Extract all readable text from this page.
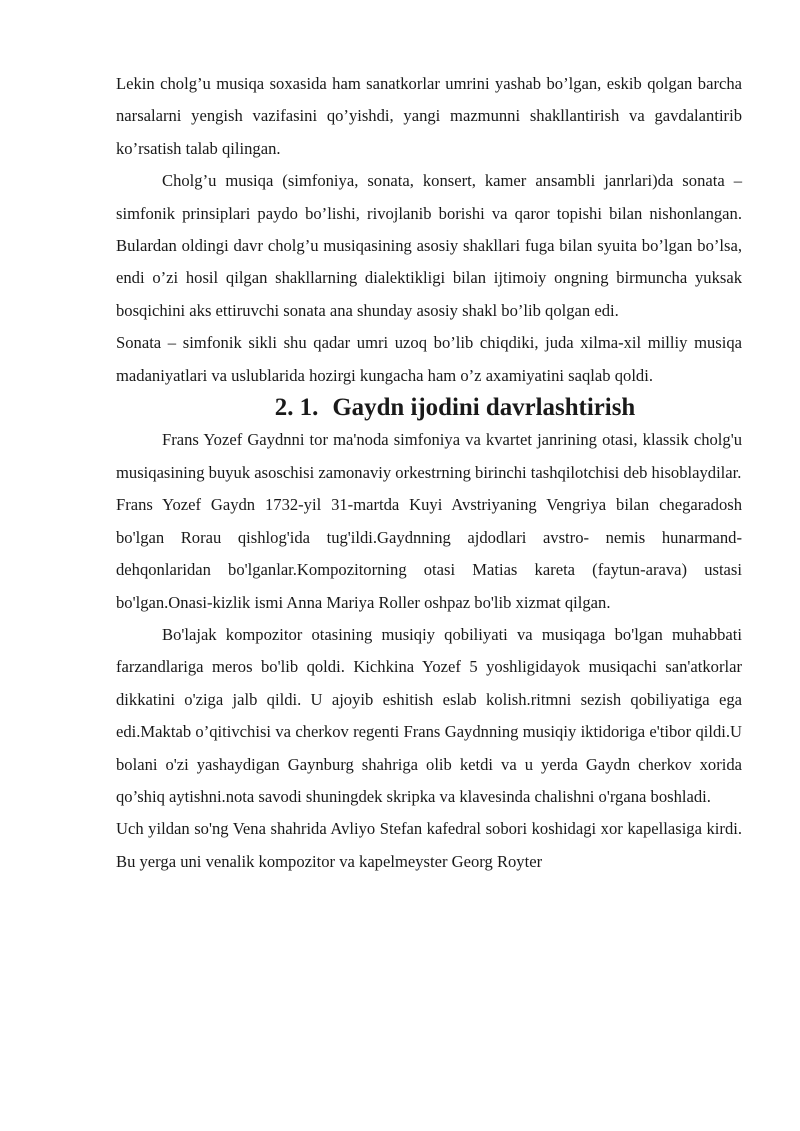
Lekin cholg’u musiqa soxasida ham sanatkorlar umrini yashab bo’lgan, eskib qolgan barcha narsalarni yengish vazifasini qo’yishdi, yangi mazmunni shakllantirish va gavdalantirib ko’rsatish talab qilingan.

Cholg’u musiqa (simfoniya, sonata, konsert, kamer ansambli janrlari)da sonata – simfonik prinsiplari paydo bo’lishi, rivojlanib borishi va qaror topishi bilan nishonlangan. Bulardan oldingi davr cholg’u musiqasining asosiy shakllari fuga bilan syuita bo’lgan bo’lsa, endi o’zi hosil qilgan shakllarning dialektikligi bilan ijtimoiy ongning birmuncha yuksak bosqichini aks ettiruvchi sonata ana shunday asosiy shakl bo’lib qolgan edi.

Sonata – simfonik sikli shu qadar umri uzoq bo’lib chiqdiki, juda xilma-xil milliy musiqa madaniyatlari va uslublarida hozirgi kungacha ham o’z axamiyatini saqlab qoldi.

2. 1. Gaydn ijodini davrlashtirish

Frans Yozef Gaydnni tor ma'noda simfoniya va kvartet janrining otasi, klassik cholg'u musiqasining buyuk asoschisi zamonaviy orkestrning birinchi tashqilotchisi deb hisoblaydilar.

Frans Yozef Gaydn 1732-yil 31-martda Kuyi Avstriyaning Vengriya bilan chegaradosh bo'lgan Rorau qishlog'ida tug'ildi.Gaydnning ajdodlari avstro- nemis hunarmand-dehqonlaridan bo'lganlar.Kompozitorning otasi Matias kareta (faytun-arava) ustasi bo'lgan.Onasi-kizlik ismi Anna Mariya Roller oshpaz bo'lib xizmat qilgan.

Bo'lajak kompozitor otasining musiqiy qobiliyati va musiqaga bo'lgan muhabbati farzandlariga meros bo'lib qoldi. Kichkina Yozef 5 yoshligidayok musiqachi san'atkorlar dikkatini o'ziga jalb qildi. U ajoyib eshitish eslab kolish.ritmni sezish qobiliyatiga ega edi.Maktab o’qitivchisi va cherkov regenti Frans Gaydnning musiqiy iktidoriga e'tibor qildi.U bolani o'zi yashaydigan Gaynburg shahriga olib ketdi va u yerda Gaydn cherkov xorida qo’shiq aytishni.nota savodi shuningdek skripka va klavesinda chalishni o'rgana boshladi.

Uch yildan so'ng Vena shahrida Avliyo Stefan kafedral sobori koshidagi xor kapellasiga kirdi. Bu yerga uni venalik kompozitor va kapelmeyster Georg Royter
